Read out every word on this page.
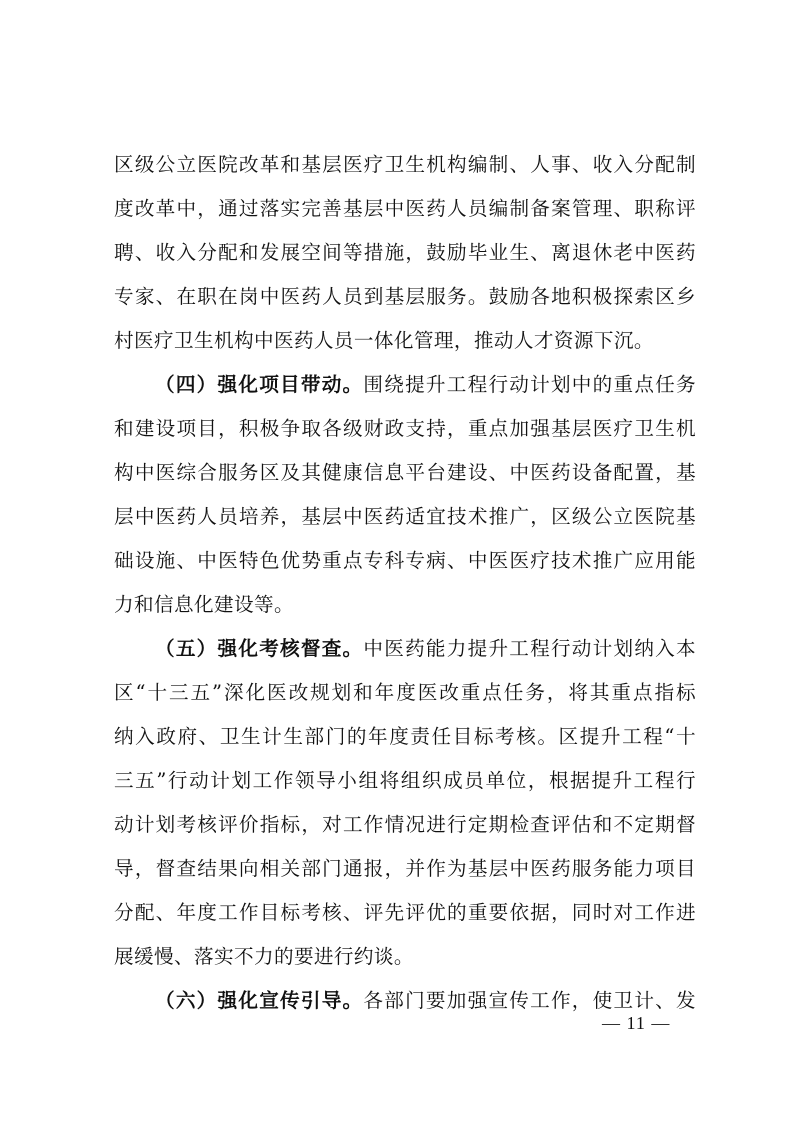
区级公立医院改革和基层医疗卫生机构编制、人事、收入分配制
度改革中，通过落实完善基层中医药人员编制备案管理、职称评
聘、收入分配和发展空间等措施，鼓励毕业生、离退休老中医药
专家、在职在岗中医药人员到基层服务。鼓励各地积极探索区乡
村医疗卫生机构中医药人员一体化管理，推动人才资源下沉。
（四）强化项目带动。围绕提升工程行动计划中的重点任务
和建设项目，积极争取各级财政支持，重点加强基层医疗卫生机
构中医综合服务区及其健康信息平台建设、中医药设备配置，基
层中医药人员培养，基层中医药适宜技术推广，区级公立医院基
础设施、中医特色优势重点专科专病、中医医疗技术推广应用能
力和信息化建设等。
（五）强化考核督查。中医药能力提升工程行动计划纳入本
区“十三五”深化医改规划和年度医改重点任务，将其重点指标
纳入政府、卫生计生部门的年度责任目标考核。区提升工程“十
三五”行动计划工作领导小组将组织成员单位，根据提升工程行
动计划考核评价指标，对工作情况进行定期检查评估和不定期督
导，督查结果向相关部门通报，并作为基层中医药服务能力项目
分配、年度工作目标考核、评先评优的重要依据，同时对工作进
展缓慢、落实不力的要进行约谈。
（六）强化宣传引导。各部门要加强宣传工作，使卫计、发
— 11 —
